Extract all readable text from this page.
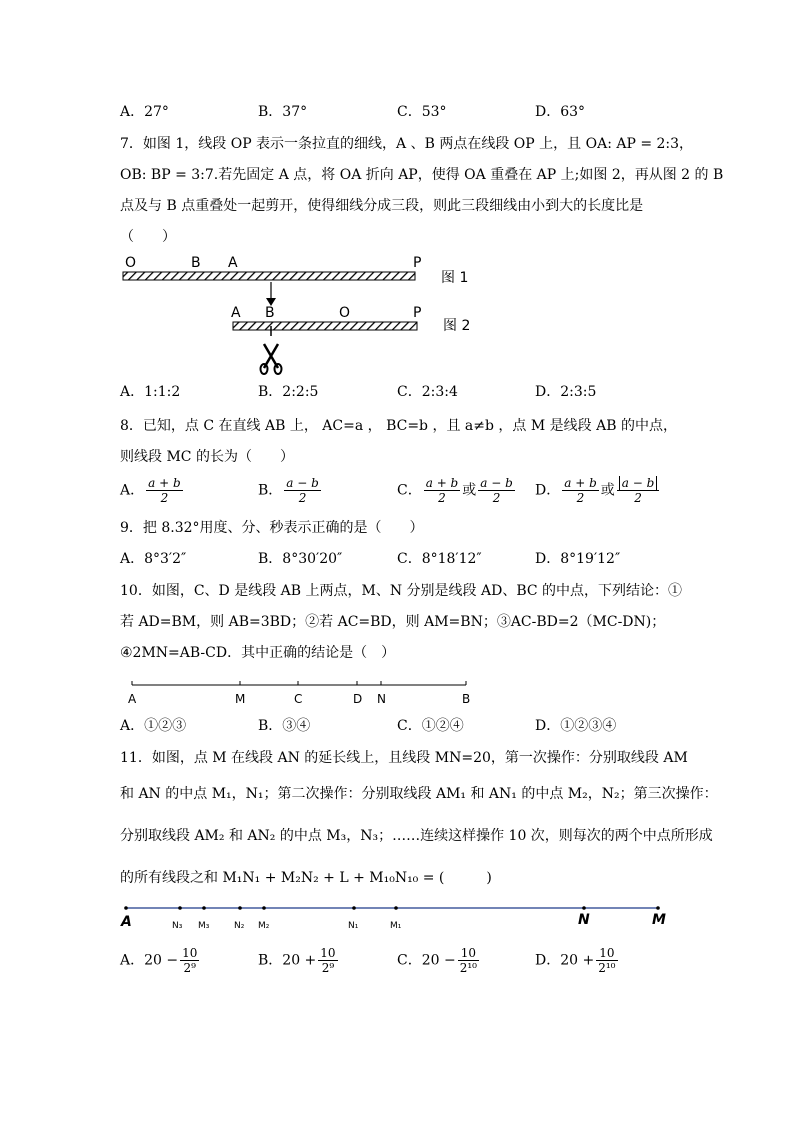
A．27°	B．37°	C．53°	D．63°
7．如图 1，线段 OP 表示一条拉直的细线，A 、B 两点在线段 OP 上，且 OA: AP = 2:3，
OB: BP = 3:7.若先固定 A 点，将 OA 折向 AP，使得 OA 重叠在 AP 上;如图 2，再从图 2 的 B
点及与 B 点重叠处一起剪开，使得细线分成三段，则此三段细线由小到大的长度比是
（　　）
O	B A	P
图 1
A B	O	P
图 2
A．1:1:2	B．2:2:5	C．2:3:4	D．2:3:5
8．已知，点 C 在直线 AB 上， AC=a ， BC=b ，且 a≠b ，点 M 是线段 AB 的中点，
则线段 MC 的长为（　　）
A． $\frac{a + b}{2}$	B． $\frac{a - b}{2}$	C． $\frac{a + b}{2}$ 或 $\frac{a - b}{2}$ D． $\frac{a + b}{2}$ 或 $\frac{a - b}{2}$
9．把 8.32°用度、分、秒表示正确的是（　　）
A．8°3′2″	B．8°30′20″	C．8°18′12″	D．8°19′12″
10．如图，C、D 是线段 AB 上两点，M、N 分别是线段 AD、BC 的中点，下列结论：①
若 AD=BM，则 AB=3BD；②若 AC=BD，则 AM=BN；③AC-BD=2（MC-DN)；
④2MN=AB-CD．其中正确的结论是（　）
A	M	C	D N	B
A．①②③	B．③④	C．①②④	D．①②③④
11．如图，点 M 在线段 AN 的延长线上，且线段 MN=20，第一次操作：分别取线段 AM
和 AN 的中点 M₁，N₁；第二次操作：分别取线段 AM₁ 和 AN₁ 的中点 M₂，N₂；第三次操作：
分别取线段 AM₂ 和 AN₂ 的中点 M₃，N₃；……连续这样操作 10 次，则每次的两个中点所形成
的所有线段之和 M₁N₁ + M₂N₂ + L + M₁₀N₁₀ = (　　　)
A	N₃ M₃	N₂ M₂	N₁	M₁	N	M
A．$20 - \frac{10}{\text{2⁹}}$	B．$20 + \frac{10}{\text{2⁹}}$	C．$20 - \frac{10}{\text{2¹⁰}}$	D．$20 + \frac{10}{\text{2¹⁰}}$
